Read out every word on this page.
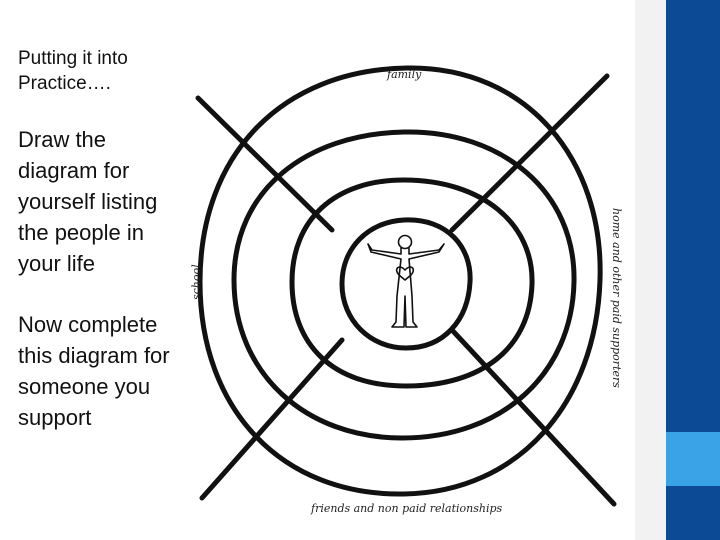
Putting it into Practice….

Draw the diagram for yourself listing the people in your life

Now complete this diagram for someone you support

family
friends and non paid relationships
school	home and other paid supporters
